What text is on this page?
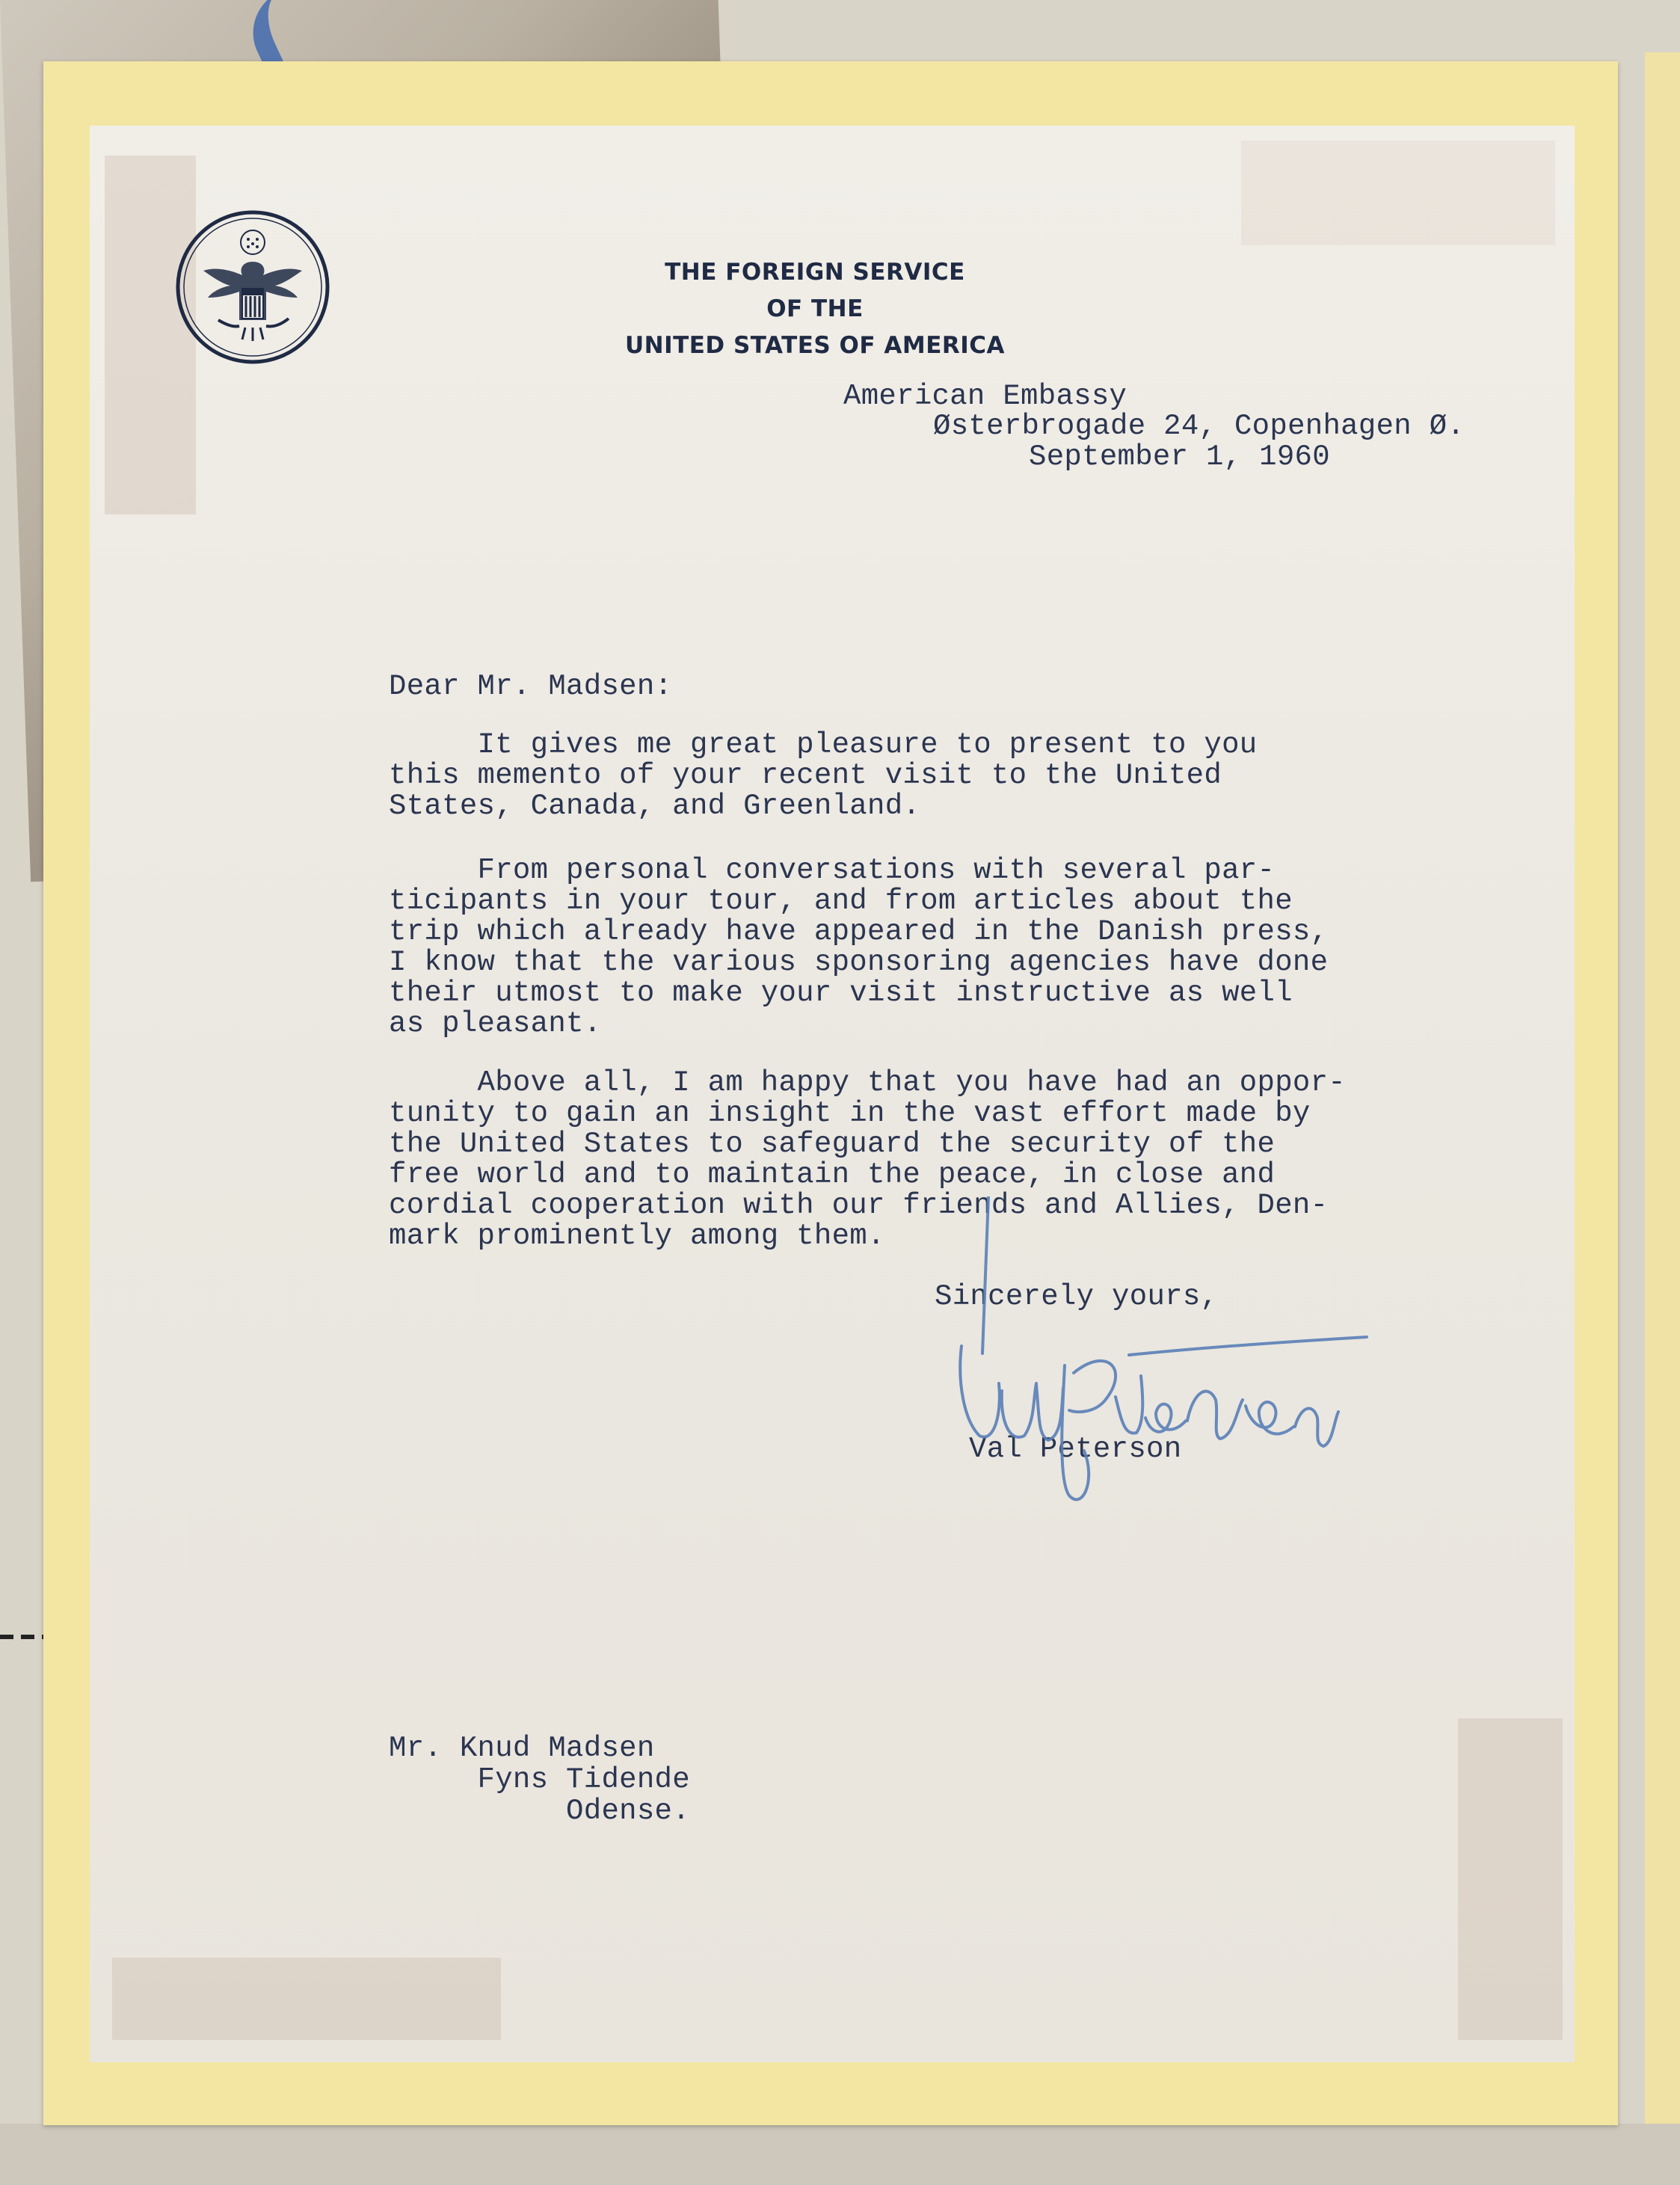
THE FOREIGN SERVICE
OF THE
UNITED STATES OF AMERICA
American Embassy
Østerbrogade 24, Copenhagen Ø.
September 1, 1960
Dear Mr. Madsen:
It gives me great pleasure to present to you
this memento of your recent visit to the United
States, Canada, and Greenland.
From personal conversations with several par-
ticipants in your tour, and from articles about the
trip which already have appeared in the Danish press,
I know that the various sponsoring agencies have done
their utmost to make your visit instructive as well
as pleasant.
Above all, I am happy that you have had an oppor-
tunity to gain an insight in the vast effort made by
the United States to safeguard the security of the
free world and to maintain the peace, in close and
cordial cooperation with our friends and Allies, Den-
mark prominently among them.
Sincerely yours,
Val Peterson
Mr. Knud Madsen
Fyns Tidende
Odense.
